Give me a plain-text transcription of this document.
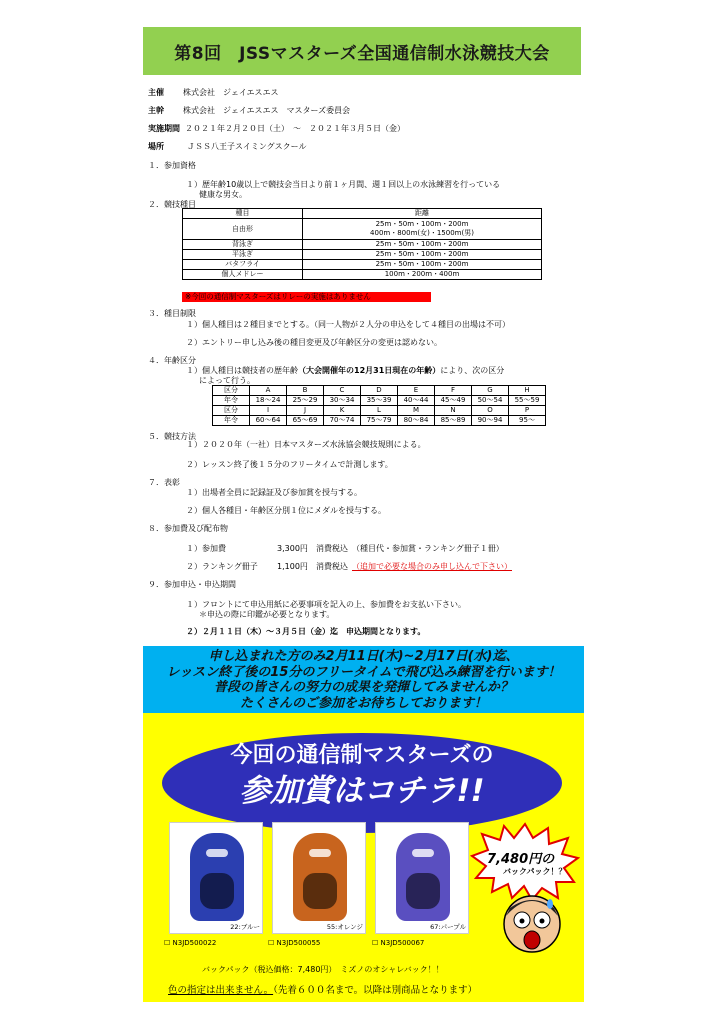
第8回　JSSマスターズ全国通信制水泳競技大会
主催 株式会社　ジェイエスエス
主幹 株式会社　ジェイエスエス　マスターズ委員会
実施期間 ２０２１年２月２０日（土）　～　２０２１年３月５日（金）
場所	ＪＳＳ八王子スイミングスクール
１．参加資格
１）歴年齢10歳以上で競技会当日より前１ヶ月間、週１回以上の水泳練習を行っている
健康な男女。
２．競技種目
種目	距離
自由形	25m・50m・100m・200m
400m・800m(女)・1500m(男)

背泳ぎ	25m・50m・100m・200m
平泳ぎ	25m・50m・100m・200m
バタフライ	25m・50m・100m・200m
個人メドレー	100m・200m・400m
※今回の通信制マスターズはリレーの実施はありません
３．種目制限
１）個人種目は２種目までとする。（同一人物が２人分の申込をして４種目の出場は不可）
２）エントリー申し込み後の種目変更及び年齢区分の変更は認めない。
４．年齢区分
１）個人種目は競技者の歴年齢（大会開催年の12月31日現在の年齢）により、次の区分
によって行う。
区分	A	B	C	D	E	F	G	H
年令	18～24	25～29	30～34	35～39	40～44	45～49	50～54	55～59
区分	I	J	K	L	M	N	O	P
年令	60～64	65～69	70～74	75～79	80～84	85～89	90～94	95～
５．競技方法
１）２０２０年（一社）日本マスターズ水泳協会競技規則による。
２）レッスン終了後１５分のフリータイムで計測します。
７．表彰
１）出場者全員に記録証及び参加賞を授与する。
２）個人各種目・年齢区分別１位にメダルを授与する。
８．参加費及び配布物
１）参加費	3,300円 消費税込 （種目代・参加賞・ランキング冊子１冊）
２）ランキング冊子 1,100円 消費税込 （追加で必要な場合のみ申し込んで下さい）
９．参加申込・申込期間
１）フロントにて申込用紙に必要事項を記入の上、参加費をお支払い下さい。
＊申込の際に印鑑が必要となります。
２）２月１１日（木）～３月５日（金）迄　申込期間となります。
申し込まれた方のみ2月11日(木)~2月17日(水)迄、
レッスン終了後の15分のフリータイムで飛び込み練習を行います！
普段の皆さんの努力の成果を発揮してみませんか？
たくさんのご参加をお待ちしております！
今回の通信制マスターズの
参加賞はコチラ!!
22:ブルー	55:オレンジ	67:パープル
☐ N3JD500022	☐ N3JD500055	☐ N3JD500067
7,480円の
バックパック！？
バックパック（税込価格：7,480円）　ミズノのオシャレバック！！
色の指定は出来ません。（先着６００名まで。以降は別商品となります）
